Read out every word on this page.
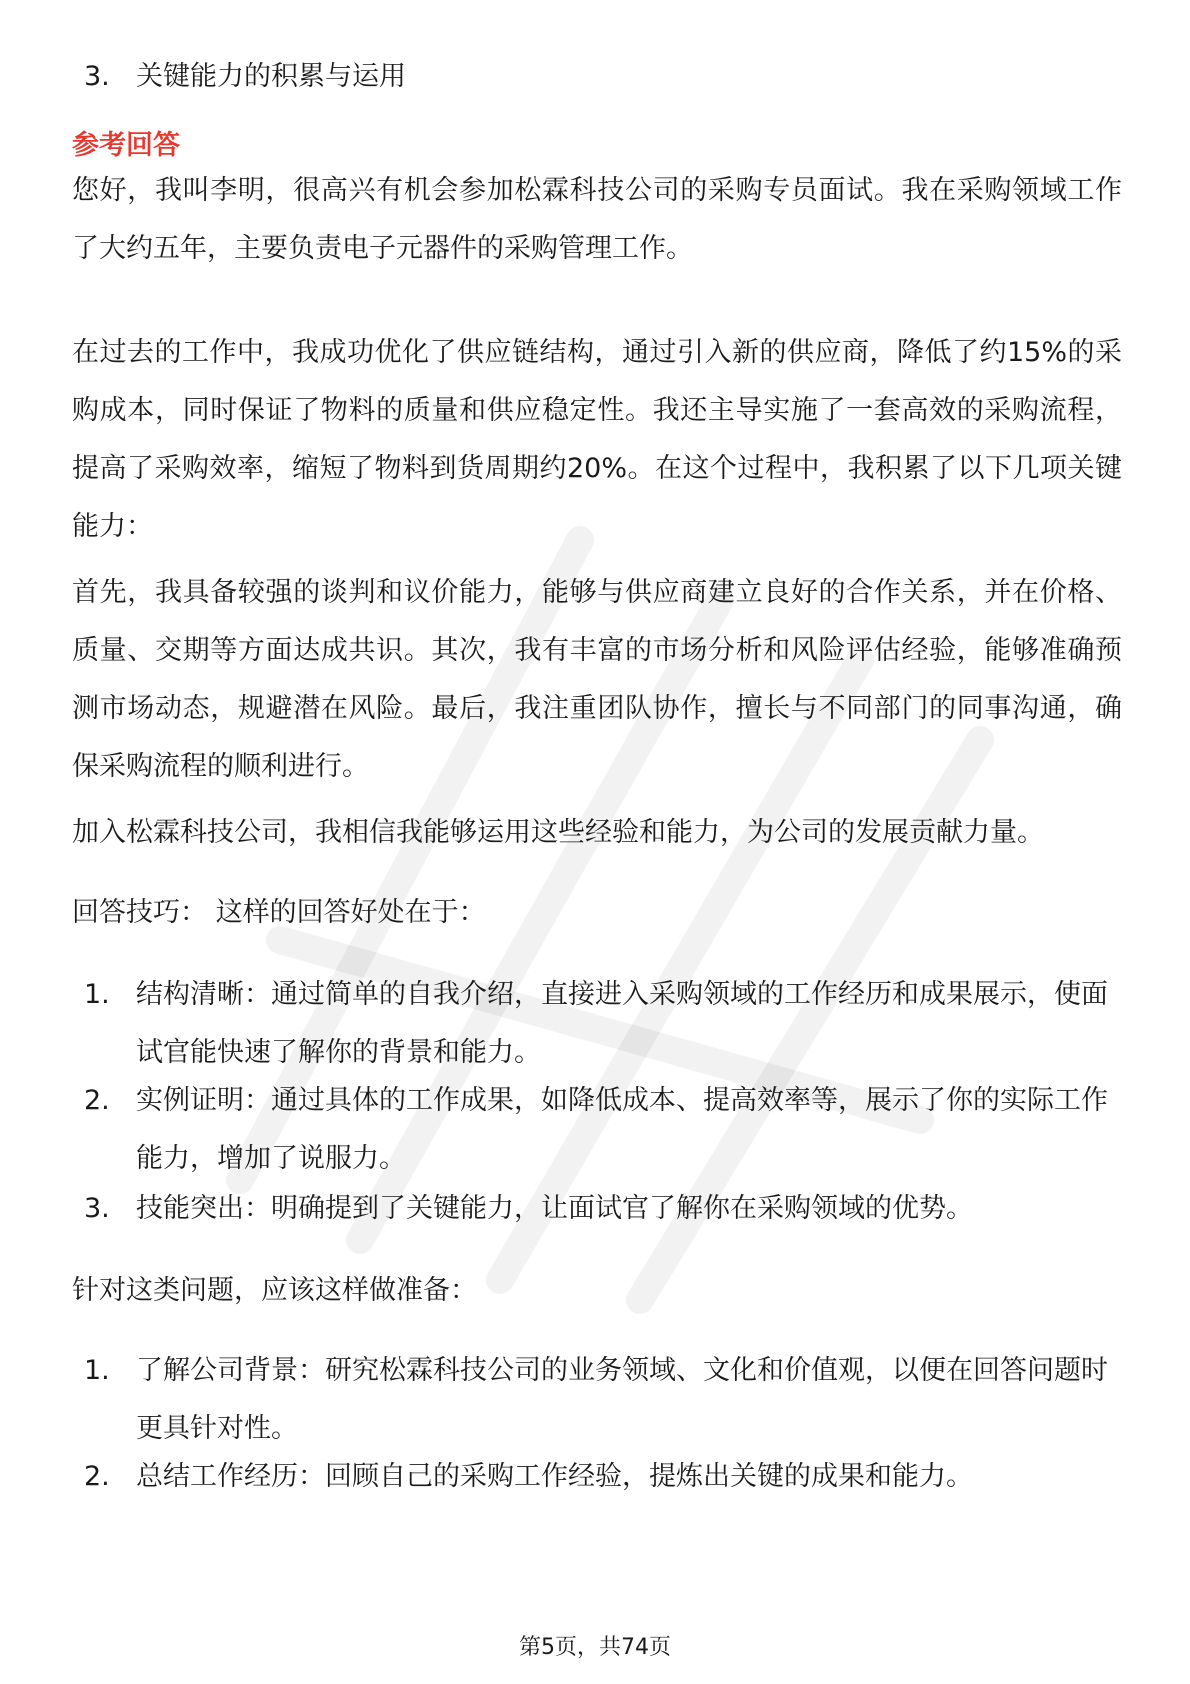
3. 关键能力的积累与运用
参考回答

您好，我叫李明，很高兴有机会参加松霖科技公司的采购专员面试。我在采购领域工作了大约五年，主要负责电子元器件的采购管理工作。

在过去的工作中，我成功优化了供应链结构，通过引入新的供应商，降低了约15%的采购成本，同时保证了物料的质量和供应稳定性。我还主导实施了一套高效的采购流程，提高了采购效率，缩短了物料到货周期约20%。在这个过程中，我积累了以下几项关键能力：

首先，我具备较强的谈判和议价能力，能够与供应商建立良好的合作关系，并在价格、质量、交期等方面达成共识。其次，我有丰富的市场分析和风险评估经验，能够准确预测市场动态，规避潜在风险。最后，我注重团队协作，擅长与不同部门的同事沟通，确保采购流程的顺利进行。

加入松霖科技公司，我相信我能够运用这些经验和能力，为公司的发展贡献力量。

回答技巧： 这样的回答好处在于：

1. 结构清晰：通过简单的自我介绍，直接进入采购领域的工作经历和成果展示，使面试官能快速了解你的背景和能力。
2. 实例证明：通过具体的工作成果，如降低成本、提高效率等，展示了你的实际工作能力，增加了说服力。
3. 技能突出：明确提到了关键能力，让面试官了解你在采购领域的优势。

针对这类问题，应该这样做准备：

1. 了解公司背景：研究松霖科技公司的业务领域、文化和价值观，以便在回答问题时更具针对性。
2. 总结工作经历：回顾自己的采购工作经验，提炼出关键的成果和能力。
第5页，共74页
